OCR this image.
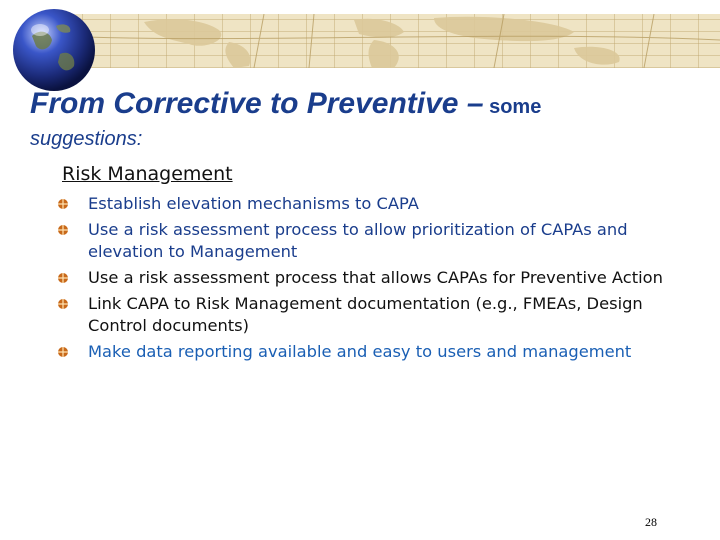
From Corrective to Preventive – some
suggestions:
Risk Management
Establish elevation mechanisms to CAPA
Use a risk assessment process to allow prioritization of CAPAs and elevation to Management
Use a risk assessment process that allows CAPAs for Preventive Action
Link CAPA to Risk Management documentation (e.g., FMEAs, Design Control documents)
Make data reporting available and easy to users and management
28
